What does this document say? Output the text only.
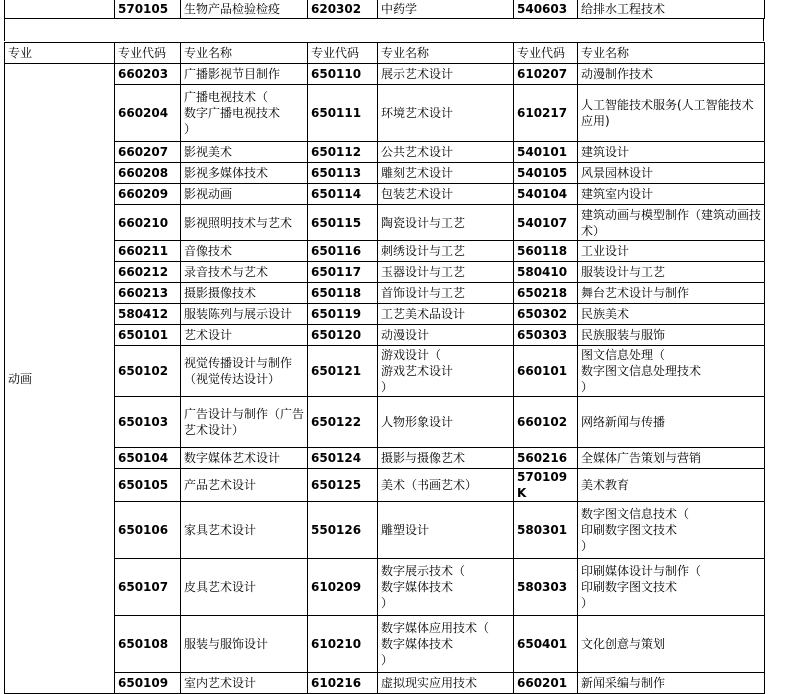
	570105	生物产品检验检疫	620302	中药学	540603	给排水工程技术
专业	专业代码	专业名称	专业代码	专业名称	专业代码	专业名称
动画	660203	广播影视节目制作	650110	展示艺术设计	610207	动漫制作技术
	660204	广播电视技术（
数字广播电视技术
）	650111	环境艺术设计	610217	人工智能技术服务(人工智能技术应用)
	660207	影视美术	650112	公共艺术设计	540101	建筑设计
	660208	影视多媒体技术	650113	雕刻艺术设计	540105	风景园林设计
	660209	影视动画	650114	包装艺术设计	540104	建筑室内设计
	660210	影视照明技术与艺术	650115	陶瓷设计与工艺	540107	建筑动画与模型制作（建筑动画技术）
	660211	音像技术	650116	刺绣设计与工艺	560118	工业设计
	660212	录音技术与艺术	650117	玉器设计与工艺	580410	服装设计与工艺
	660213	摄影摄像技术	650118	首饰设计与工艺	650218	舞台艺术设计与制作
	580412	服装陈列与展示设计	650119	工艺美术品设计	650302	民族美术
	650101	艺术设计	650120	动漫设计	650303	民族服装与服饰
	650102	视觉传播设计与制作（视觉传达设计）	650121	游戏设计（
游戏艺术设计
）	660101	图文信息处理（
数字图文信息处理技术
）
	650103	广告设计与制作（广告艺术设计）	650122	人物形象设计	660102	网络新闻与传播
	650104	数字媒体艺术设计	650124	摄影与摄像艺术	560216	全媒体广告策划与营销
	650105	产品艺术设计	650125	美术（书画艺术）	570109K	美术教育
	650106	家具艺术设计	550126	雕塑设计	580301	数字图文信息技术（
印刷数字图文技术
）
	650107	皮具艺术设计	610209	数字展示技术（
数字媒体技术
）	580303	印刷媒体设计与制作（
印刷数字图文技术
）
	650108	服装与服饰设计	610210	数字媒体应用技术（
数字媒体技术
）	650401	文化创意与策划
	650109	室内艺术设计	610216	虚拟现实应用技术	660201	新闻采编与制作
